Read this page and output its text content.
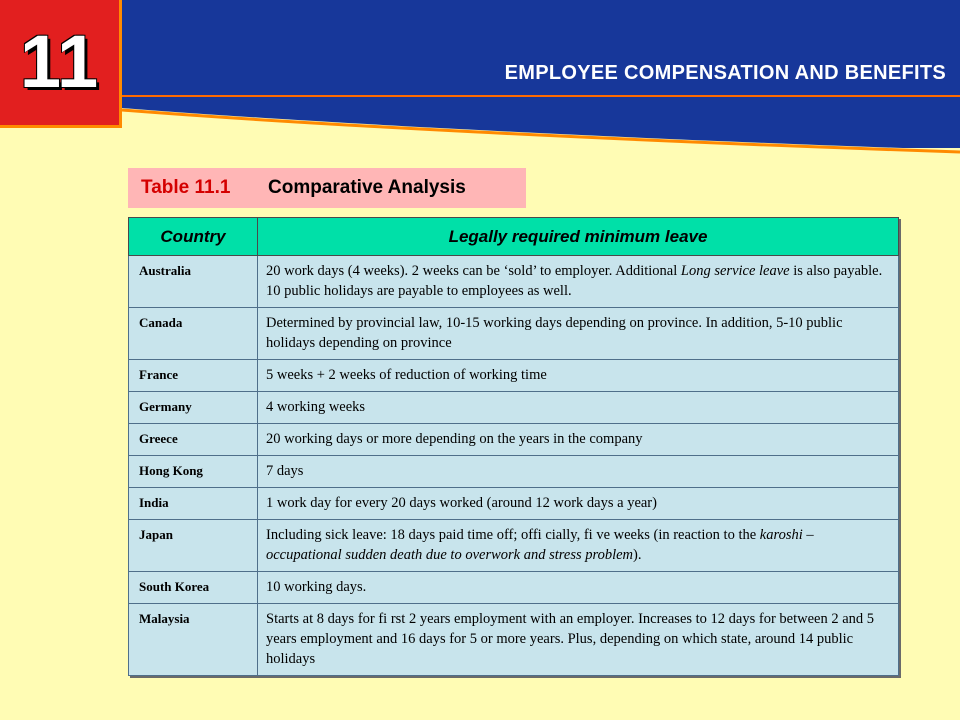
11	EMPLOYEE COMPENSATION AND BENEFITS
Table 11.1 Comparative Analysis
Country	Legally required minimum leave
Australia	20 work days (4 weeks). 2 weeks can be ‘sold’ to employer. Additional Long service leave is also payable. 10 public holidays are payable to employees as well.
Canada	Determined by provincial law, 10-15 working days depending on province. In addition, 5-10 public holidays depending on province
France	5 weeks + 2 weeks of reduction of working time
Germany	4 working weeks
Greece	20 working days or more depending on the years in the company
Hong Kong	7 days
India	1 work day for every 20 days worked (around 12 work days a year)
Japan	Including sick leave: 18 days paid time off; offi cially, fi ve weeks (in reaction to the karoshi – occupational sudden death due to overwork and stress problem).
South Korea	10 working days.
Malaysia	Starts at 8 days for fi rst 2 years employment with an employer. Increases to 12 days for between 2 and 5 years employment and 16 days for 5 or more years. Plus, depending on which state, around 14 public holidays
